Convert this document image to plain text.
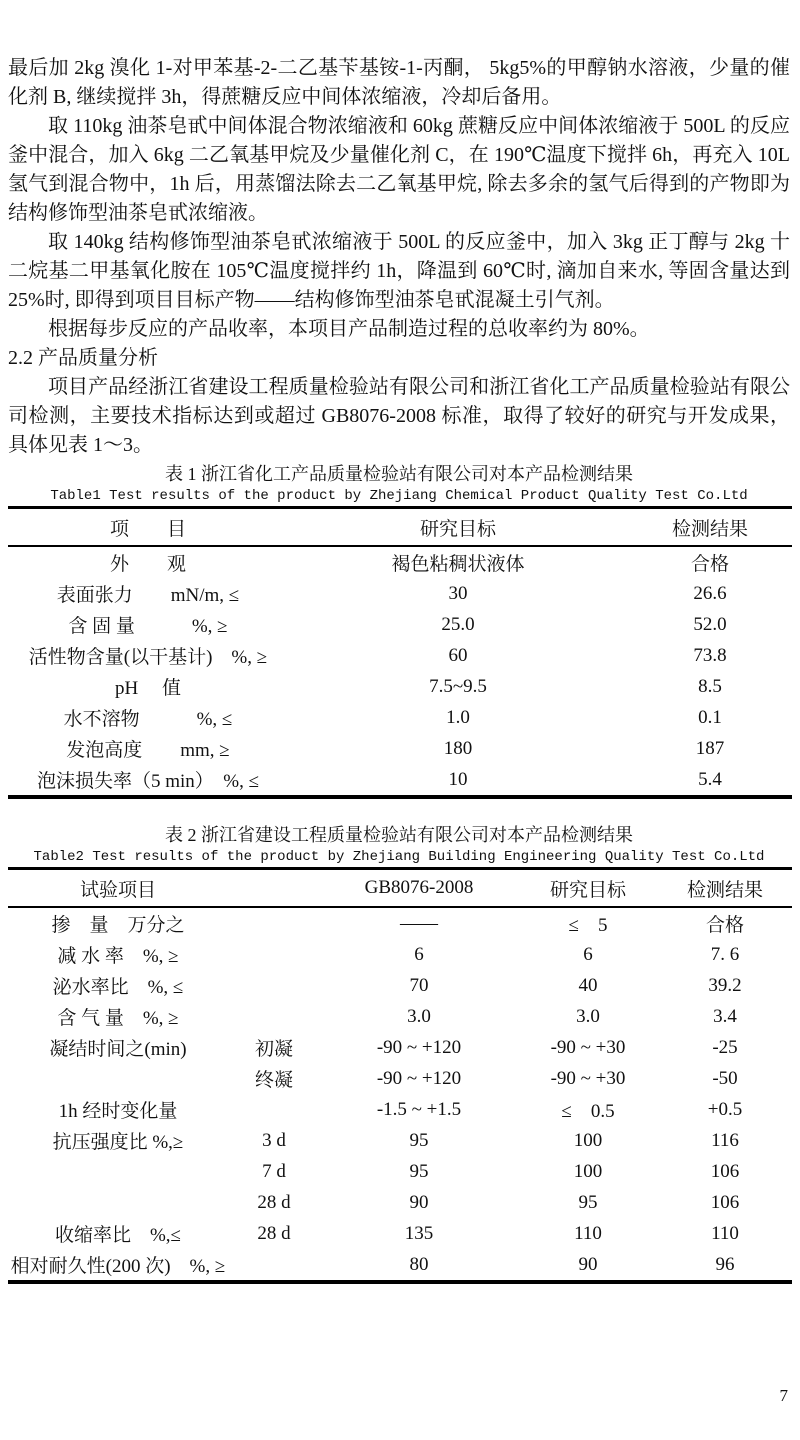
最后加 2kg 溴化 1-对甲苯基-2-二乙基苄基铵-1-丙酮， 5kg5%的甲醇钠水溶液，少量的催化剂 B, 继续搅拌 3h，得蔗糖反应中间体浓缩液，冷却后备用。

取 110kg 油茶皂甙中间体混合物浓缩液和 60kg 蔗糖反应中间体浓缩液于 500L 的反应釜中混合，加入 6kg 二乙氧基甲烷及少量催化剂 C，在 190℃温度下搅拌 6h，再充入 10L 氢气到混合物中，1h 后，用蒸馏法除去二乙氧基甲烷, 除去多余的氢气后得到的产物即为结构修饰型油茶皂甙浓缩液。

取 140kg 结构修饰型油茶皂甙浓缩液于 500L 的反应釜中，加入 3kg 正丁醇与 2kg 十二烷基二甲基氧化胺在 105℃温度搅拌约 1h，降温到 60℃时, 滴加自来水, 等固含量达到 25%时, 即得到项目目标产物——结构修饰型油茶皂甙混凝土引气剂。

根据每步反应的产品收率，本项目产品制造过程的总收率约为 80%。

2.2 产品质量分析

项目产品经浙江省建设工程质量检验站有限公司和浙江省化工产品质量检验站有限公司检测，主要技术指标达到或超过 GB8076-2008 标准，取得了较好的研究与开发成果，具体见表 1～3。

表 1 浙江省化工产品质量检验站有限公司对本产品检测结果

Table1 Test results of the product by Zhejiang Chemical Product Quality Test Co.Ltd

项　　目	研究目标	检测结果
外　　观	褐色粘稠状液体	合格
表面张力　　mN/m, ≤	30	26.6
含 固 量　　　%, ≥	25.0	52.0
活性物含量(以干基计)　%, ≥	60	73.8
pH　 值	7.5~9.5	8.5
水不溶物　　　%, ≤	1.0	0.1
发泡高度　　mm, ≥	180	187
泡沫损失率（5 min）　%, ≤	10	5.4

表 2 浙江省建设工程质量检验站有限公司对本产品检测结果

Table2 Test results of the product by Zhejiang Building Engineering Quality Test Co.Ltd

试验项目		GB8076-2008	研究目标	检测结果
掺　量　万分之		——	≤　5	合格
减 水 率　%, ≥		6	6	7. 6
泌水率比　%, ≤		70	40	39.2
含 气 量　%, ≥		3.0	3.0	3.4
凝结时间之(min)	初凝	-90 ~ +120	-90 ~ +30	-25
	终凝	-90 ~ +120	-90 ~ +30	-50
1h 经时变化量		-1.5 ~ +1.5	≤　0.5	+0.5
抗压强度比 %,≥	3 d	95	100	116
	7 d	95	100	106
	28 d	90	95	106
收缩率比　%,≤	28 d	135	110	110
相对耐久性(200 次)　%, ≥		80	90	96
7
